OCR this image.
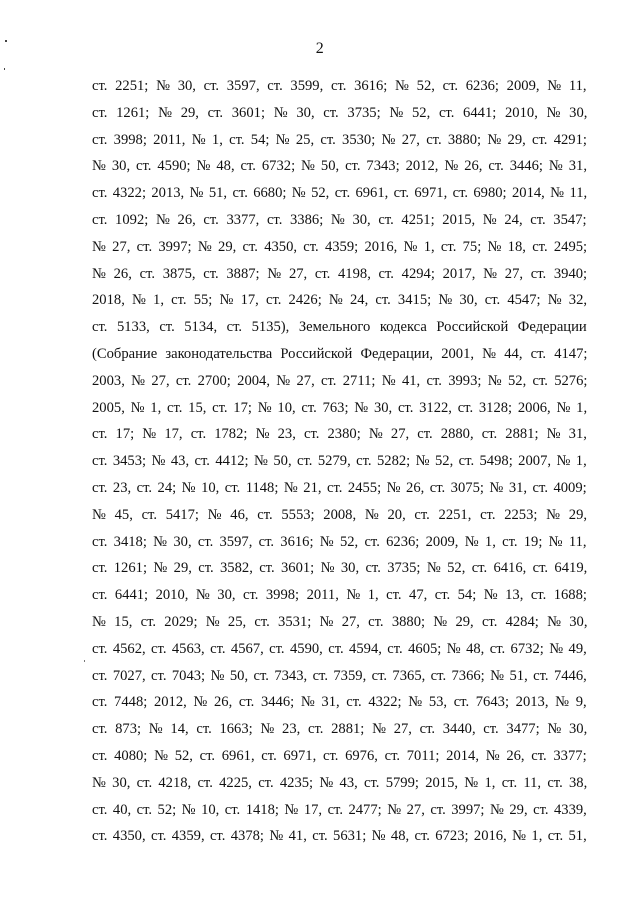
2
ст. 2251; № 30, ст. 3597, ст. 3599, ст. 3616; № 52, ст. 6236; 2009, № 11,
ст. 1261; № 29, ст. 3601; № 30, ст. 3735; № 52, ст. 6441; 2010, № 30,
ст. 3998; 2011, № 1, ст. 54; № 25, ст. 3530; № 27, ст. 3880; № 29, ст. 4291;
№ 30, ст. 4590; № 48, ст. 6732; № 50, ст. 7343; 2012, № 26, ст. 3446; № 31,
ст. 4322; 2013, № 51, ст. 6680; № 52, ст. 6961, ст. 6971, ст. 6980; 2014, № 11,
ст. 1092; № 26, ст. 3377, ст. 3386; № 30, ст. 4251; 2015, № 24, ст. 3547;
№ 27, ст. 3997; № 29, ст. 4350, ст. 4359; 2016, № 1, ст. 75; № 18, ст. 2495;
№ 26, ст. 3875, ст. 3887; № 27, ст. 4198, ст. 4294; 2017, № 27, ст. 3940;
2018, № 1, ст. 55; № 17, ст. 2426; № 24, ст. 3415; № 30, ст. 4547; № 32,
ст. 5133, ст. 5134, ст. 5135), Земельного кодекса Российской Федерации
(Собрание законодательства Российской Федерации, 2001, № 44, ст. 4147;
2003, № 27, ст. 2700; 2004, № 27, ст. 2711; № 41, ст. 3993; № 52, ст. 5276;
2005, № 1, ст. 15, ст. 17; № 10, ст. 763; № 30, ст. 3122, ст. 3128; 2006, № 1,
ст. 17; № 17, ст. 1782; № 23, ст. 2380; № 27, ст. 2880, ст. 2881; № 31,
ст. 3453; № 43, ст. 4412; № 50, ст. 5279, ст. 5282; № 52, ст. 5498; 2007, № 1,
ст. 23, ст. 24; № 10, ст. 1148; № 21, ст. 2455; № 26, ст. 3075; № 31, ст. 4009;
№ 45, ст. 5417; № 46, ст. 5553; 2008, № 20, ст. 2251, ст. 2253; № 29,
ст. 3418; № 30, ст. 3597, ст. 3616; № 52, ст. 6236; 2009, № 1, ст. 19; № 11,
ст. 1261; № 29, ст. 3582, ст. 3601; № 30, ст. 3735; № 52, ст. 6416, ст. 6419,
ст. 6441; 2010, № 30, ст. 3998; 2011, № 1, ст. 47, ст. 54; № 13, ст. 1688;
№ 15, ст. 2029; № 25, ст. 3531; № 27, ст. 3880; № 29, ст. 4284; № 30,
ст. 4562, ст. 4563, ст. 4567, ст. 4590, ст. 4594, ст. 4605; № 48, ст. 6732; № 49,
ст. 7027, ст. 7043; № 50, ст. 7343, ст. 7359, ст. 7365, ст. 7366; № 51, ст. 7446,
ст. 7448; 2012, № 26, ст. 3446; № 31, ст. 4322; № 53, ст. 7643; 2013, № 9,
ст. 873; № 14, ст. 1663; № 23, ст. 2881; № 27, ст. 3440, ст. 3477; № 30,
ст. 4080; № 52, ст. 6961, ст. 6971, ст. 6976, ст. 7011; 2014, № 26, ст. 3377;
№ 30, ст. 4218, ст. 4225, ст. 4235; № 43, ст. 5799; 2015, № 1, ст. 11, ст. 38,
ст. 40, ст. 52; № 10, ст. 1418; № 17, ст. 2477; № 27, ст. 3997; № 29, ст. 4339,
ст. 4350, ст. 4359, ст. 4378; № 41, ст. 5631; № 48, ст. 6723; 2016, № 1, ст. 51,
